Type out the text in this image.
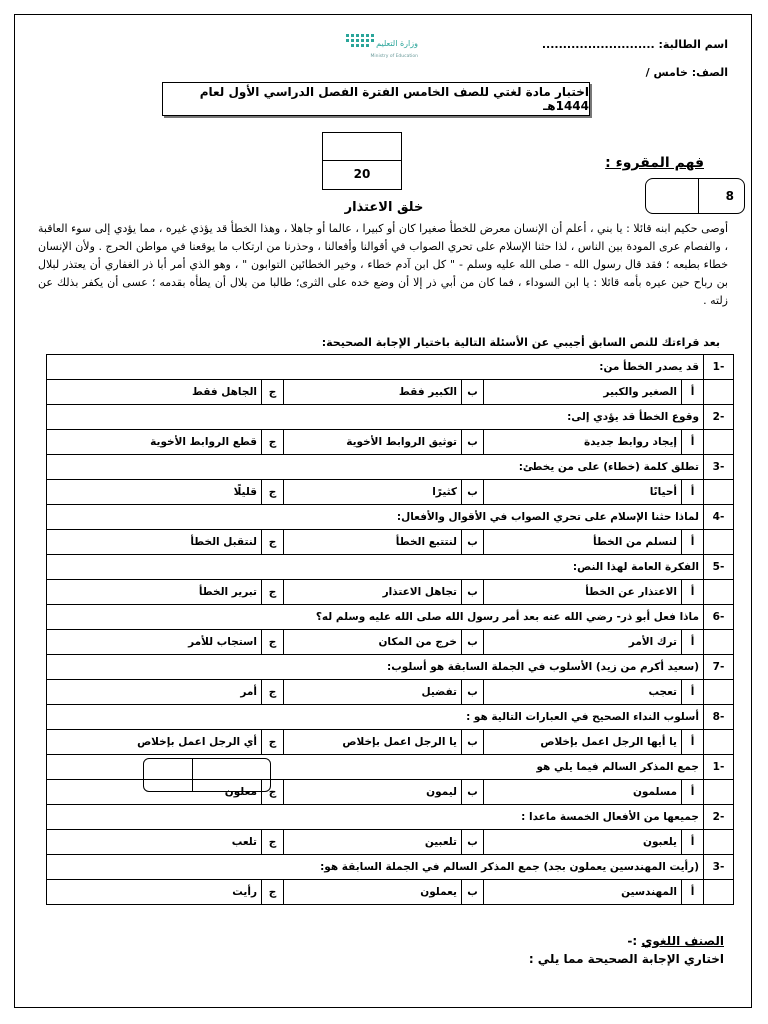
وزارة التعليم
Ministry of Education
اسم الطالبة: ...........................
الصف: خامس /
اختبار مادة لغتي للصف الخامس الفترة الفصل الدراسي الأول لعام 1444هـ
20
فهم المقروء :
8
خلق الاعتذار
أوصى حكيم ابنه قائلا : يا بني ، أعلم أن الإنسان معرض للخطأ صغيرا كان أو كبيرا ، عالما أو جاهلا ، وهذا الخطأ قد يؤذي غيره ، مما يؤدي إلى سوء العاقبة ، والفصام عرى المودة بين الناس ، لذا حثنا الإسلام على تحري الصواب في أقوالنا وأفعالنا ، وحذرنا من ارتكاب ما يوقعنا في مواطن الحرج . ولأن الإنسان خطاء بطبعه ؛ فقد قال رسول الله - صلى الله عليه وسلم - " كل ابن آدم خطاء ، وخير الخطائين التوابون " ، وهو الذي أمر أبا ذر الغفاري أن يعتذر لبلال بن رباح حين عيره بأمه قائلا : يا ابن السوداء ، فما كان من أبي ذر إلا أن وضع خده على الثرى؛ طالبا من بلال أن يطأه بقدمه ؛ عسى أن يكفر بذلك عن زلته .
بعد قراءتك للنص السابق أجيبي عن الأسئلة التالية باختيار الإجابة الصحيحة:
-1	قد يصدر الخطأ من:					
	أ	الصغير والكبير	ب	الكبير فقط	ج	الجاهل فقط
-2	وقوع الخطأ قد يؤدي إلى:					
	أ	إيجاد روابط جديدة	ب	توثيق الروابط الأخوية	ج	قطع الروابط الأخوية
-3	تطلق كلمة (خطاء) على من يخطئ:					
	أ	أحيانًا	ب	كثيرًا	ج	قليلًا
-4	لماذا حثنا الإسلام على تحري الصواب في الأقوال والأفعال:					
	أ	لنسلم من الخطأ	ب	لنتتبع الخطأ	ج	لنتقبل الخطأ
-5	الفكرة العامة لهذا النص:					
	أ	الاعتذار عن الخطأ	ب	تجاهل الاعتذار	ج	تبرير الخطأ
-6	ماذا فعل أبو ذر- رضي الله عنه بعد أمر رسول الله صلى الله عليه وسلم له؟					
	أ	ترك الأمر	ب	خرج من المكان	ج	استجاب للأمر
-7	(سعيد أكرم من زيد) الأسلوب في الجملة السابقة هو أسلوب:					
	أ	تعجب	ب	تفضيل	ج	أمر
-8	أسلوب النداء الصحيح في العبارات التالية هو :					
	أ	يا أيها الرجل اعمل بإخلاص	ب	يا الرجل اعمل بإخلاص	ج	أي الرجل اعمل بإخلاص
-1	جمع المذكر السالم فيما يلي هو					
	أ	مسلمون	ب	ليمون	ج	معلون
-2	جميعها من الأفعال الخمسة ماعدا :					
	أ	يلعبون	ب	تلعبين	ج	تلعب
-3	(رأيت المهندسين يعملون بجد) جمع المذكر السالم في الجملة السابقة هو:					
	أ	المهندسين	ب	يعملون	ج	رأيت
الصنف اللغوي :-
اختاري الإجابة الصحيحة مما يلي :
